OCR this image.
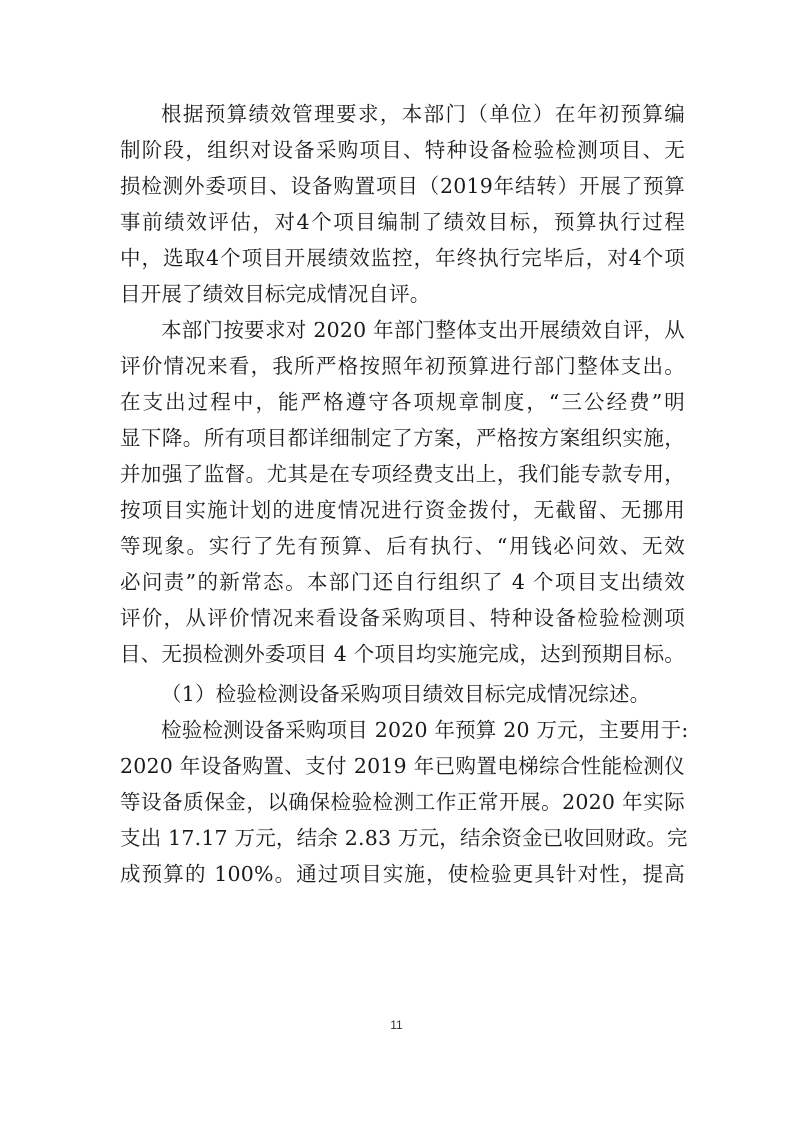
根据预算绩效管理要求，本部门（单位）在年初预算编
制阶段，组织对设备采购项目、特种设备检验检测项目、无
损检测外委项目、设备购置项目（2019年结转）开展了预算
事前绩效评估，对4个项目编制了绩效目标，预算执行过程
中，选取4个项目开展绩效监控，年终执行完毕后，对4个项
目开展了绩效目标完成情况自评。
本部门按要求对 2020 年部门整体支出开展绩效自评，从
评价情况来看，我所严格按照年初预算进行部门整体支出。
在支出过程中，能严格遵守各项规章制度，“三公经费”明
显下降。所有项目都详细制定了方案，严格按方案组织实施，
并加强了监督。尤其是在专项经费支出上，我们能专款专用，
按项目实施计划的进度情况进行资金拨付，无截留、无挪用
等现象。实行了先有预算、后有执行、“用钱必问效、无效
必问责”的新常态。本部门还自行组织了 4 个项目支出绩效
评价，从评价情况来看设备采购项目、特种设备检验检测项
目、无损检测外委项目 4 个项目均实施完成，达到预期目标。
（1）检验检测设备采购项目绩效目标完成情况综述。
检验检测设备采购项目 2020 年预算 20 万元，主要用于:
2020 年设备购置、支付 2019 年已购置电梯综合性能检测仪
等设备质保金，以确保检验检测工作正常开展。2020 年实际
支出 17.17 万元，结余 2.83 万元，结余资金已收回财政。完
成预算的 100%。通过项目实施，使检验更具针对性，提高
11
